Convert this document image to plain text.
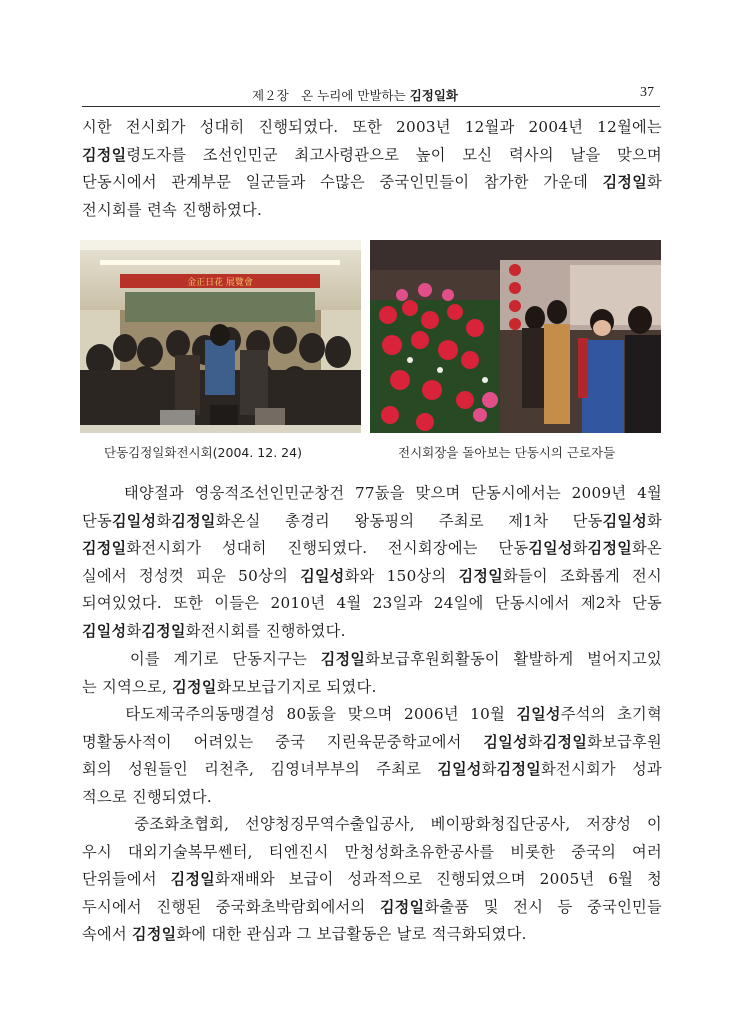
제２장　온 누리에 만발하는 김정일화	37
시한 전시회가 성대히 진행되였다. 또한 2003년 12월과 2004년 12월에는
김정일령도자를 조선인민군 최고사령관으로 높이 모신 력사의 날을 맞으며
단동시에서 관계부문 일군들과 수많은 중국인민들이 참가한 가운데 김정일화
전시회를 련속 진행하였다.
金正日花 展覽會
단동김정일화전시회(2004. 12. 24)	전시회장을 돌아보는 단동시의 근로자들
　　태양절과 영웅적조선인민군창건 77돐을 맞으며 단동시에서는 2009년 4월
단동김일성화김정일화온실 총경리 왕동핑의 주최로 제1차 단동김일성화
김정일화전시회가 성대히 진행되였다. 전시회장에는 단동김일성화김정일화온
실에서 정성껏 피운 50상의 김일성화와 150상의 김정일화들이 조화롭게 전시
되여있었다. 또한 이들은 2010년 4월 23일과 24일에 단동시에서 제2차 단동
김일성화김정일화전시회를 진행하였다.
　　이를 계기로 단동지구는 김정일화보급후원회활동이 활발하게 벌어지고있
는 지역으로, 김정일화모보급기지로 되였다.
　　타도제국주의동맹결성 80돐을 맞으며 2006년 10월 김일성주석의 초기혁
명활동사적이 어려있는 중국 지린육문중학교에서 김일성화김정일화보급후원
회의 성원들인 리천추, 김영녀부부의 주최로 김일성화김정일화전시회가 성과
적으로 진행되였다.
　　중조화초협회, 선양청징무역수출입공사, 베이팡화청집단공사, 저쟝성 이
우시 대외기술복무쎈터, 티엔진시 만청성화초유한공사를 비롯한 중국의 여러
단위들에서 김정일화재배와 보급이 성과적으로 진행되였으며 2005년 6월 청
두시에서 진행된 중국화초박람회에서의 김정일화출품 및 전시 등 중국인민들
속에서 김정일화에 대한 관심과 그 보급활동은 날로 적극화되였다.
